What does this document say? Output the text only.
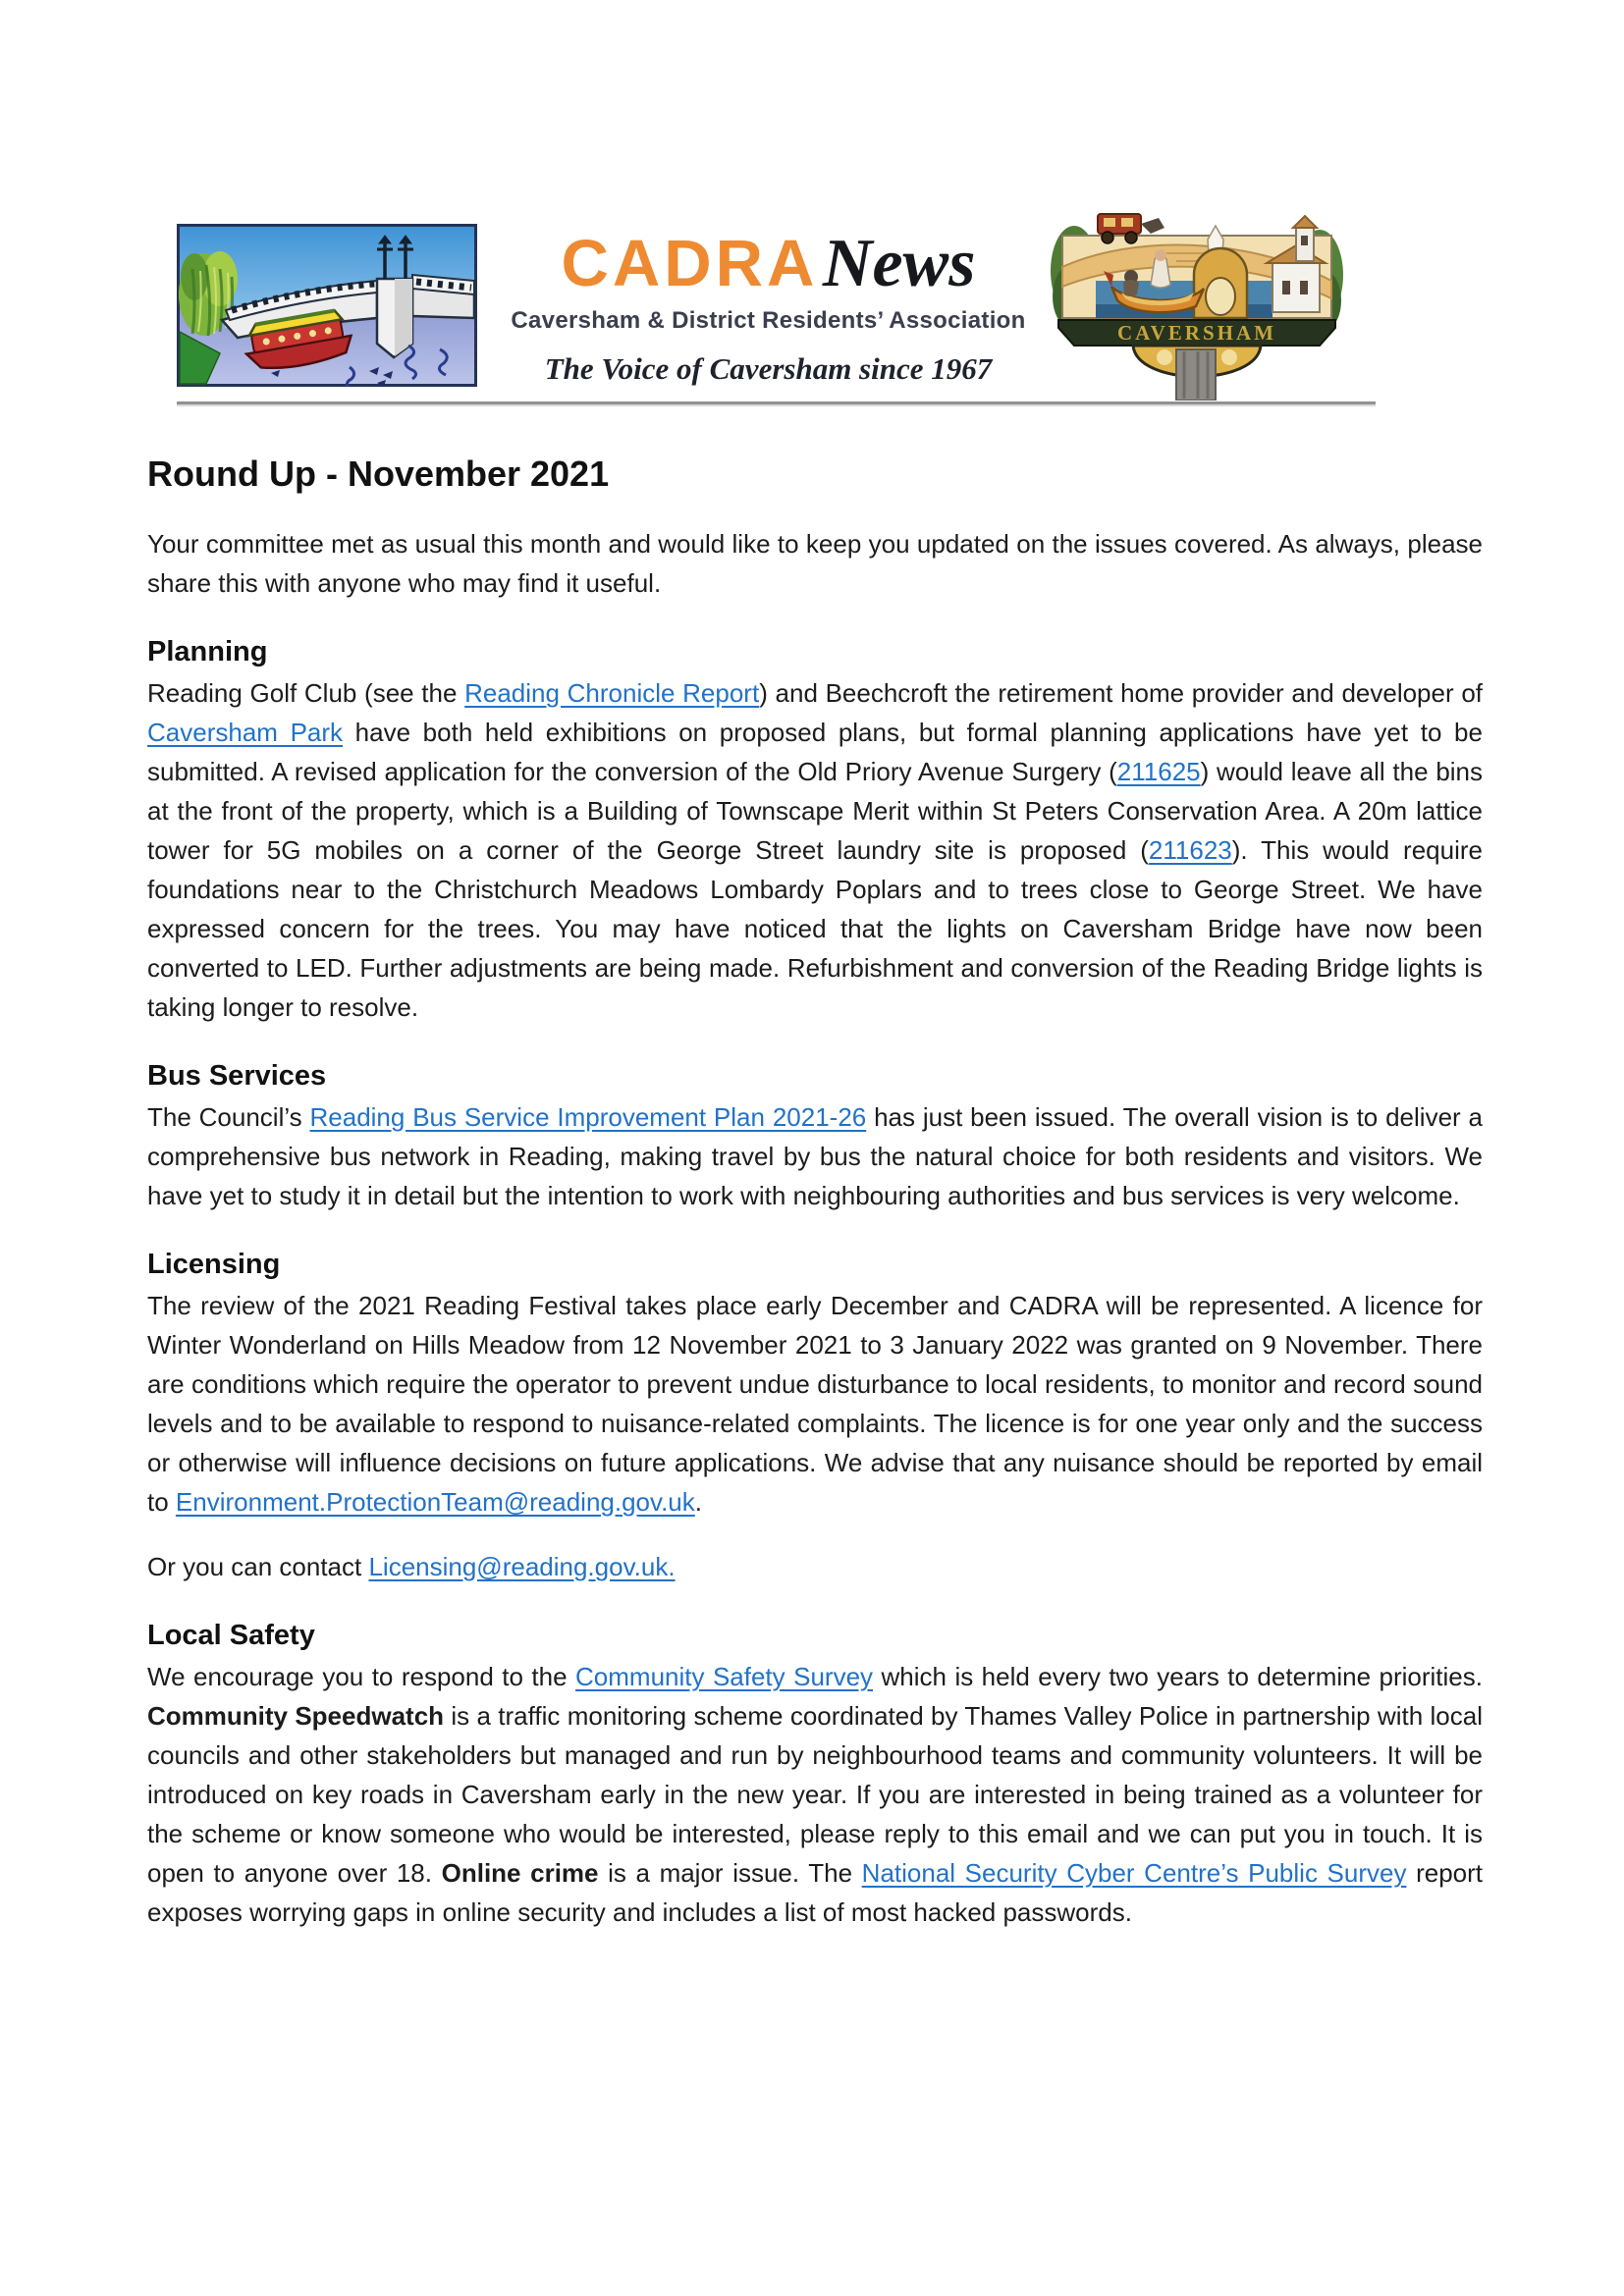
CADRA News
Caversham & District Residents’ Association
The Voice of Caversham since 1967
CAVERSHAM
Round Up - November 2021

Your committee met as usual this month and would like to keep you updated on the issues covered. As always, please share this with anyone who may find it useful.

Planning

Reading Golf Club (see the Reading Chronicle Report) and Beechcroft the retirement home provider and developer of Caversham Park have both held exhibitions on proposed plans, but formal planning applications have yet to be submitted. A revised application for the conversion of the Old Priory Avenue Surgery (211625) would leave all the bins at the front of the property, which is a Building of Townscape Merit within St Peters Conservation Area. A 20m lattice tower for 5G mobiles on a corner of the George Street laundry site is proposed (211623). This would require foundations near to the Christchurch Meadows Lombardy Poplars and to trees close to George Street. We have expressed concern for the trees. You may have noticed that the lights on Caversham Bridge have now been converted to LED. Further adjustments are being made. Refurbishment and conversion of the Reading Bridge lights is taking longer to resolve.

Bus Services

The Council’s Reading Bus Service Improvement Plan 2021-26 has just been issued. The overall vision is to deliver a comprehensive bus network in Reading, making travel by bus the natural choice for both residents and visitors. We have yet to study it in detail but the intention to work with neighbouring authorities and bus services is very welcome.

Licensing

The review of the 2021 Reading Festival takes place early December and CADRA will be represented. A licence for Winter Wonderland on Hills Meadow from 12 November 2021 to 3 January 2022 was granted on 9 November. There are conditions which require the operator to prevent undue disturbance to local residents, to monitor and record sound levels and to be available to respond to nuisance-related complaints. The licence is for one year only and the success or otherwise will influence decisions on future applications. We advise that any nuisance should be reported by email to Environment.ProtectionTeam@reading.gov.uk.

Or you can contact Licensing@reading.gov.uk.

Local Safety

We encourage you to respond to the Community Safety Survey which is held every two years to determine priorities. Community Speedwatch is a traffic monitoring scheme coordinated by Thames Valley Police in partnership with local councils and other stakeholders but managed and run by neighbourhood teams and community volunteers. It will be introduced on key roads in Caversham early in the new year. If you are interested in being trained as a volunteer for the scheme or know someone who would be interested, please reply to this email and we can put you in touch. It is open to anyone over 18. Online crime is a major issue. The National Security Cyber Centre’s Public Survey report exposes worrying gaps in online security and includes a list of most hacked passwords.
